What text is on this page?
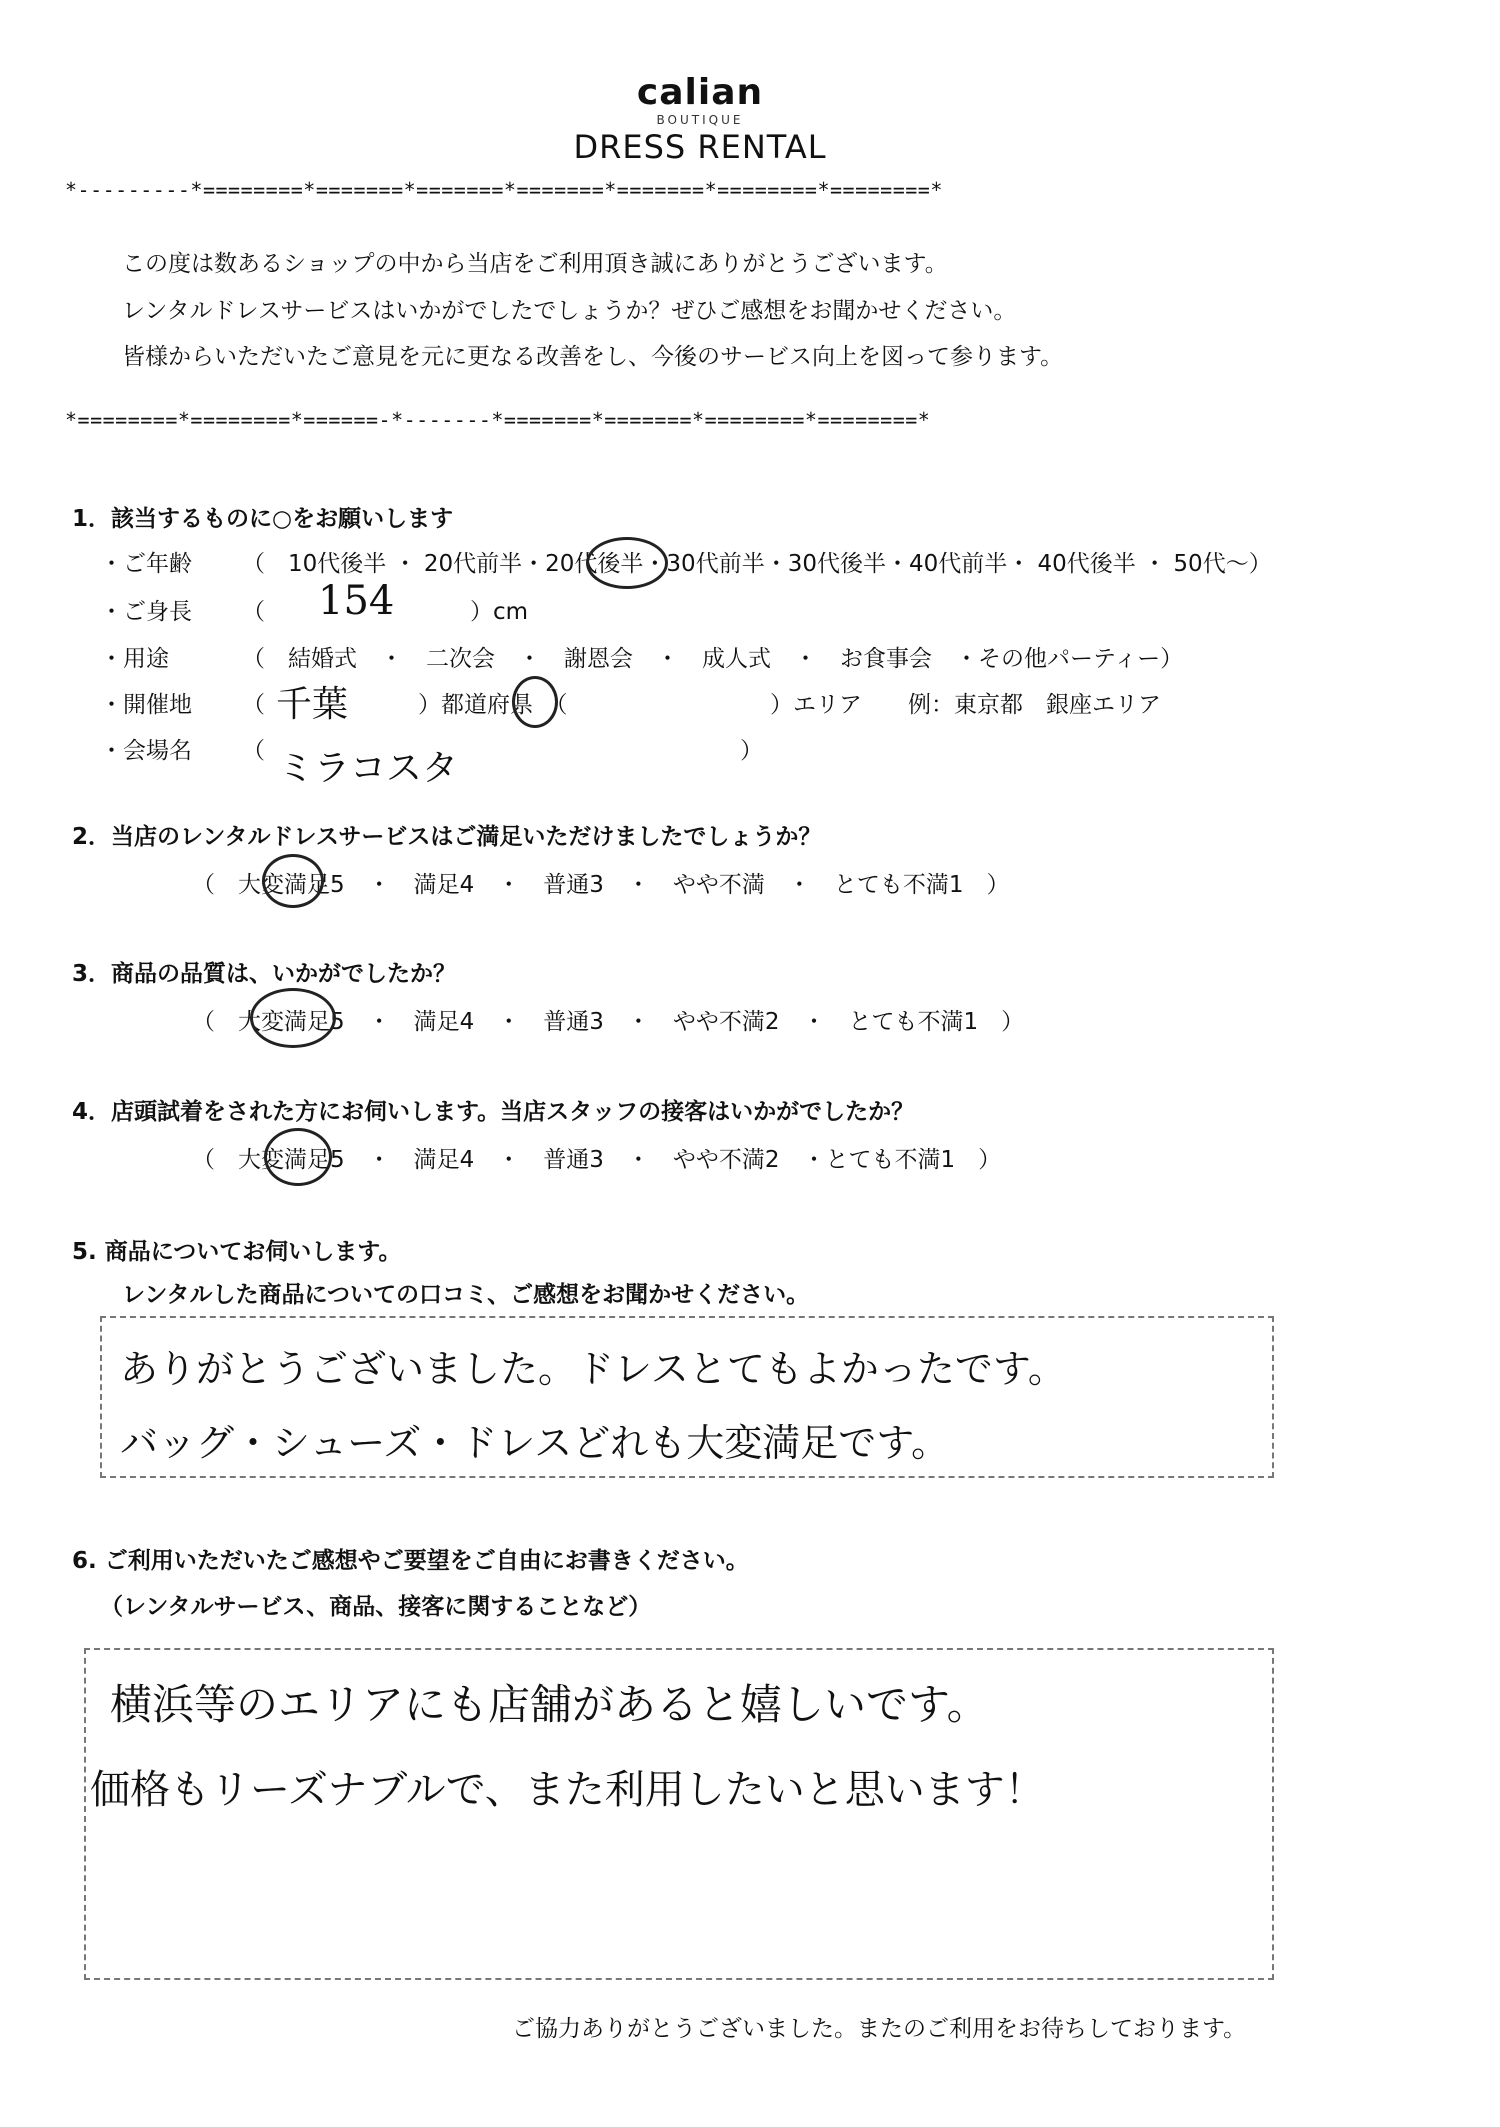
calian
BOUTIQUE
DRESS RENTAL
*---------*========*=======*=======*=======*=======*========*========*
この度は数あるショップの中から当店をご利用頂き誠にありがとうございます。
レンタルドレスサービスはいかがでしたでしょうか？ぜひご感想をお聞かせください。
皆様からいただいたご意見を元に更なる改善をし、今後のサービス向上を図って参ります。
*========*========*======-*-------*=======*=======*========*========*
1．該当するものに○をお願いします
・ご年齢 （　10代後半 ・ 20代前半・20代後半・30代前半・30代後半・40代前半・ 40代後半 ・ 50代～）
・ご身長 （ 154	）cm
・用途	（　結婚式　・　二次会　・　謝恩会　・　成人式　・　お食事会　・その他パーティー）
・開催地 （ 千葉	）都道府県　（	）エリア　　例：東京都　銀座エリア
・会場名 （	）
ミラコスタ
2．当店のレンタルドレスサービスはご満足いただけましたでしょうか？
（　大変満足5　・　満足4　・　普通3　・　やや不満　・　とても不満1　）
3．商品の品質は、いかがでしたか？
（　大変満足5　・　満足4　・　普通3　・　やや不満2　・　とても不満1　）
4．店頭試着をされた方にお伺いします。当店スタッフの接客はいかがでしたか？
（　大変満足5　・　満足4　・　普通3　・　やや不満2　・とても不満1　）
5. 商品についてお伺いします。
レンタルした商品についての口コミ、ご感想をお聞かせください。
ありがとうございました。ドレスとてもよかったです。
バッグ・シューズ・ドレスどれも大変満足です。
6. ご利用いただいたご感想やご要望をご自由にお書きください。
（レンタルサービス、商品、接客に関することなど）
横浜等のエリアにも店舗があると嬉しいです。
価格もリーズナブルで、また利用したいと思います！
ご協力ありがとうございました。またのご利用をお待ちしております。
